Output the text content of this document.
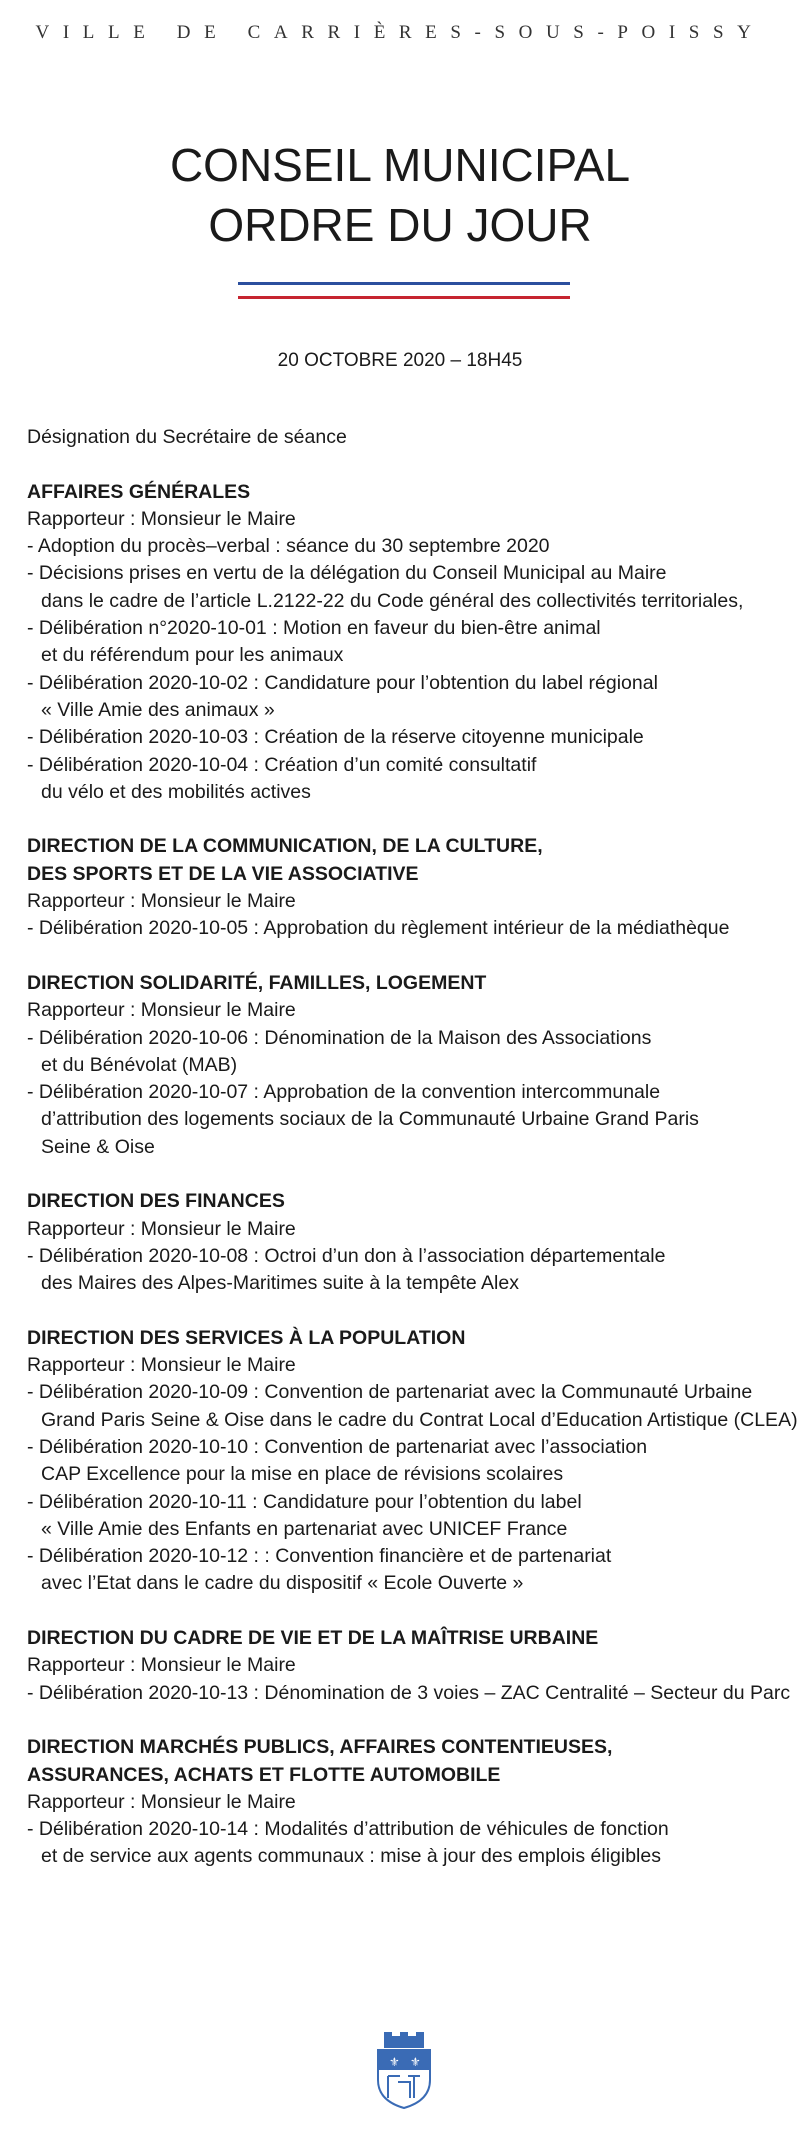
VILLE DE CARRIÈRES-SOUS-POISSY
CONSEIL MUNICIPAL
ORDRE DU JOUR
20 OCTOBRE 2020 – 18H45

Désignation du Secrétaire de séance

AFFAIRES GÉNÉRALES

Rapporteur : Monsieur le Maire

- Adoption du procès–verbal : séance du 30 septembre 2020
- Décisions prises en vertu de la délégation du Conseil Municipal au Maire
dans le cadre de l’article L.2122-22 du Code général des collectivités territoriales,
- Délibération n°2020-10-01 : Motion en faveur du bien-être animal
et du référendum pour les animaux
- Délibération 2020-10-02 : Candidature pour l’obtention du label régional
« Ville Amie des animaux »
- Délibération 2020-10-03 : Création de la réserve citoyenne municipale
- Délibération 2020-10-04 : Création d’un comité consultatif
du vélo et des mobilités actives

DIRECTION DE LA COMMUNICATION, DE LA CULTURE,

DES SPORTS ET DE LA VIE ASSOCIATIVE

Rapporteur : Monsieur le Maire

- Délibération 2020-10-05 : Approbation du règlement intérieur de la médiathèque

DIRECTION SOLIDARITÉ, FAMILLES, LOGEMENT

Rapporteur : Monsieur le Maire

- Délibération 2020-10-06 : Dénomination de la Maison des Associations
et du Bénévolat (MAB)
- Délibération 2020-10-07 : Approbation de la convention intercommunale
d’attribution des logements sociaux de la Communauté Urbaine Grand Paris
Seine & Oise

DIRECTION DES FINANCES

Rapporteur : Monsieur le Maire

- Délibération 2020-10-08 : Octroi d’un don à l’association départementale
des Maires des Alpes-Maritimes suite à la tempête Alex

DIRECTION DES SERVICES À LA POPULATION

Rapporteur : Monsieur le Maire

- Délibération 2020-10-09 : Convention de partenariat avec la Communauté Urbaine
Grand Paris Seine & Oise dans le cadre du Contrat Local d’Education Artistique (CLEA)
- Délibération 2020-10-10 : Convention de partenariat avec l’association
CAP Excellence pour la mise en place de révisions scolaires
- Délibération 2020-10-11 : Candidature pour l’obtention du label
« Ville Amie des Enfants en partenariat avec UNICEF France
- Délibération 2020-10-12 : : Convention financière et de partenariat
avec l’Etat dans le cadre du dispositif « Ecole Ouverte »

DIRECTION DU CADRE DE VIE ET DE LA MAÎTRISE URBAINE

Rapporteur : Monsieur le Maire

- Délibération 2020-10-13 : Dénomination de 3 voies – ZAC Centralité – Secteur du Parc

DIRECTION MARCHÉS PUBLICS, AFFAIRES CONTENTIEUSES,

ASSURANCES, ACHATS ET FLOTTE AUTOMOBILE

Rapporteur : Monsieur le Maire

- Délibération 2020-10-14 : Modalités d’attribution de véhicules de fonction
et de service aux agents communaux : mise à jour des emplois éligibles
⚜ ⚜
